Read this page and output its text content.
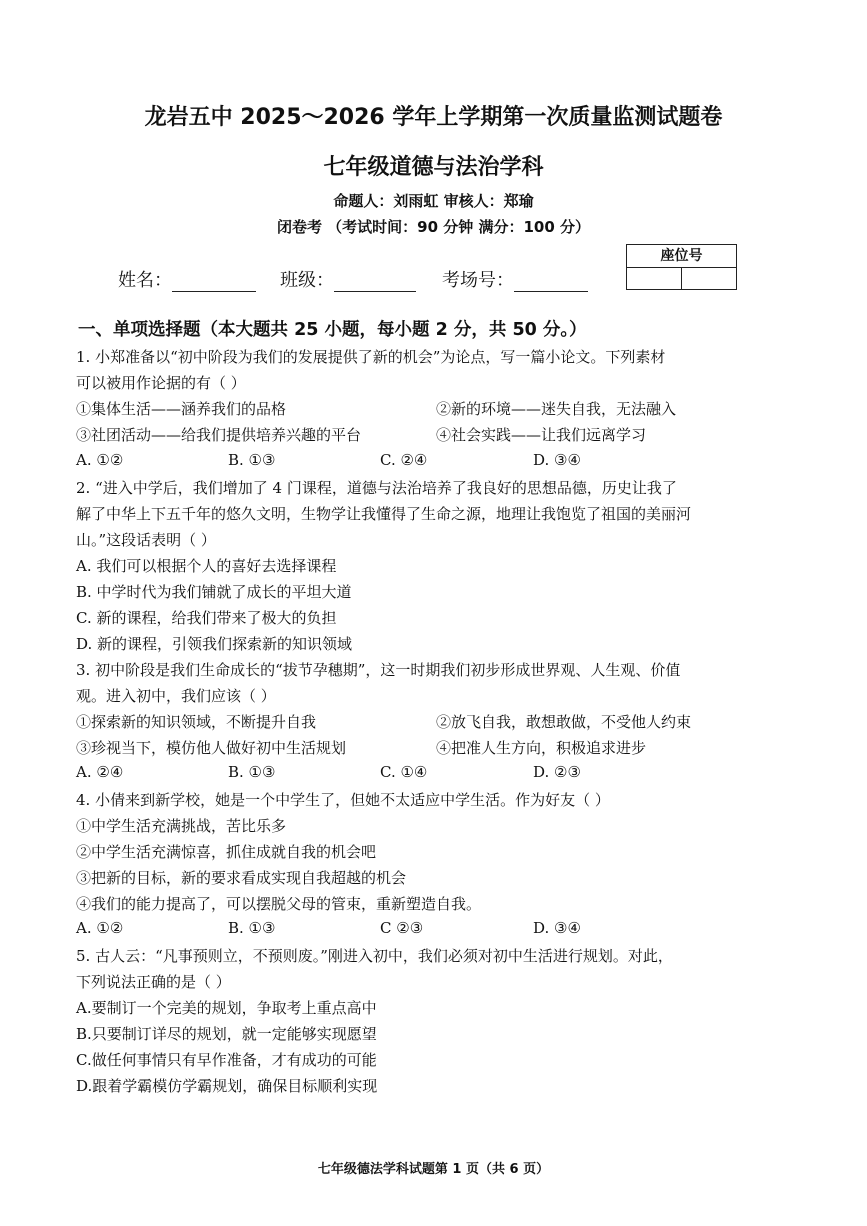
龙岩五中 2025～2026 学年上学期第一次质量监测试题卷
七年级道德与法治学科
命题人：刘雨虹 审核人：郑瑜
闭卷考 （考试时间：90 分钟 满分：100 分）
座位号
姓名：	班级：	考场号：
一、单项选择题（本大题共 25 小题，每小题 2 分，共 50 分。）
1. 小郑准备以“初中阶段为我们的发展提供了新的机会”为论点，写一篇小论文。下列素材
可以被用作论据的有（ ）
①集体生活——涵养我们的品格	②新的环境——迷失自我，无法融入
③社团活动——给我们提供培养兴趣的平台	④社会实践——让我们远离学习
A. ①②	B. ①③	C. ②④	D. ③④
2. “进入中学后，我们增加了 4 门课程，道德与法治培养了我良好的思想品德，历史让我了
解了中华上下五千年的悠久文明，生物学让我懂得了生命之源，地理让我饱览了祖国的美丽河
山。”这段话表明（ ）
A. 我们可以根据个人的喜好去选择课程
B. 中学时代为我们铺就了成长的平坦大道
C. 新的课程，给我们带来了极大的负担
D. 新的课程，引领我们探索新的知识领域
3. 初中阶段是我们生命成长的“拔节孕穗期”，这一时期我们初步形成世界观、人生观、价值
观。进入初中，我们应该（ ）
①探索新的知识领域，不断提升自我	②放飞自我，敢想敢做，不受他人约束
③珍视当下，模仿他人做好初中生活规划	④把准人生方向，积极追求进步
A. ②④	B. ①③	C. ①④	D. ②③
4. 小倩来到新学校，她是一个中学生了，但她不太适应中学生活。作为好友（ ）
①中学生活充满挑战，苦比乐多
②中学生活充满惊喜，抓住成就自我的机会吧
③把新的目标，新的要求看成实现自我超越的机会
④我们的能力提高了，可以摆脱父母的管束，重新塑造自我。
A. ①②	B. ①③	C ②③	D. ③④
5. 古人云：“凡事预则立，不预则废。”刚进入初中，我们必须对初中生活进行规划。对此，
下列说法正确的是（ ）
A.要制订一个完美的规划，争取考上重点高中
B.只要制订详尽的规划，就一定能够实现愿望
C.做任何事情只有早作准备，才有成功的可能
D.跟着学霸模仿学霸规划，确保目标顺利实现
七年级德法学科试题第 1 页（共 6 页）
